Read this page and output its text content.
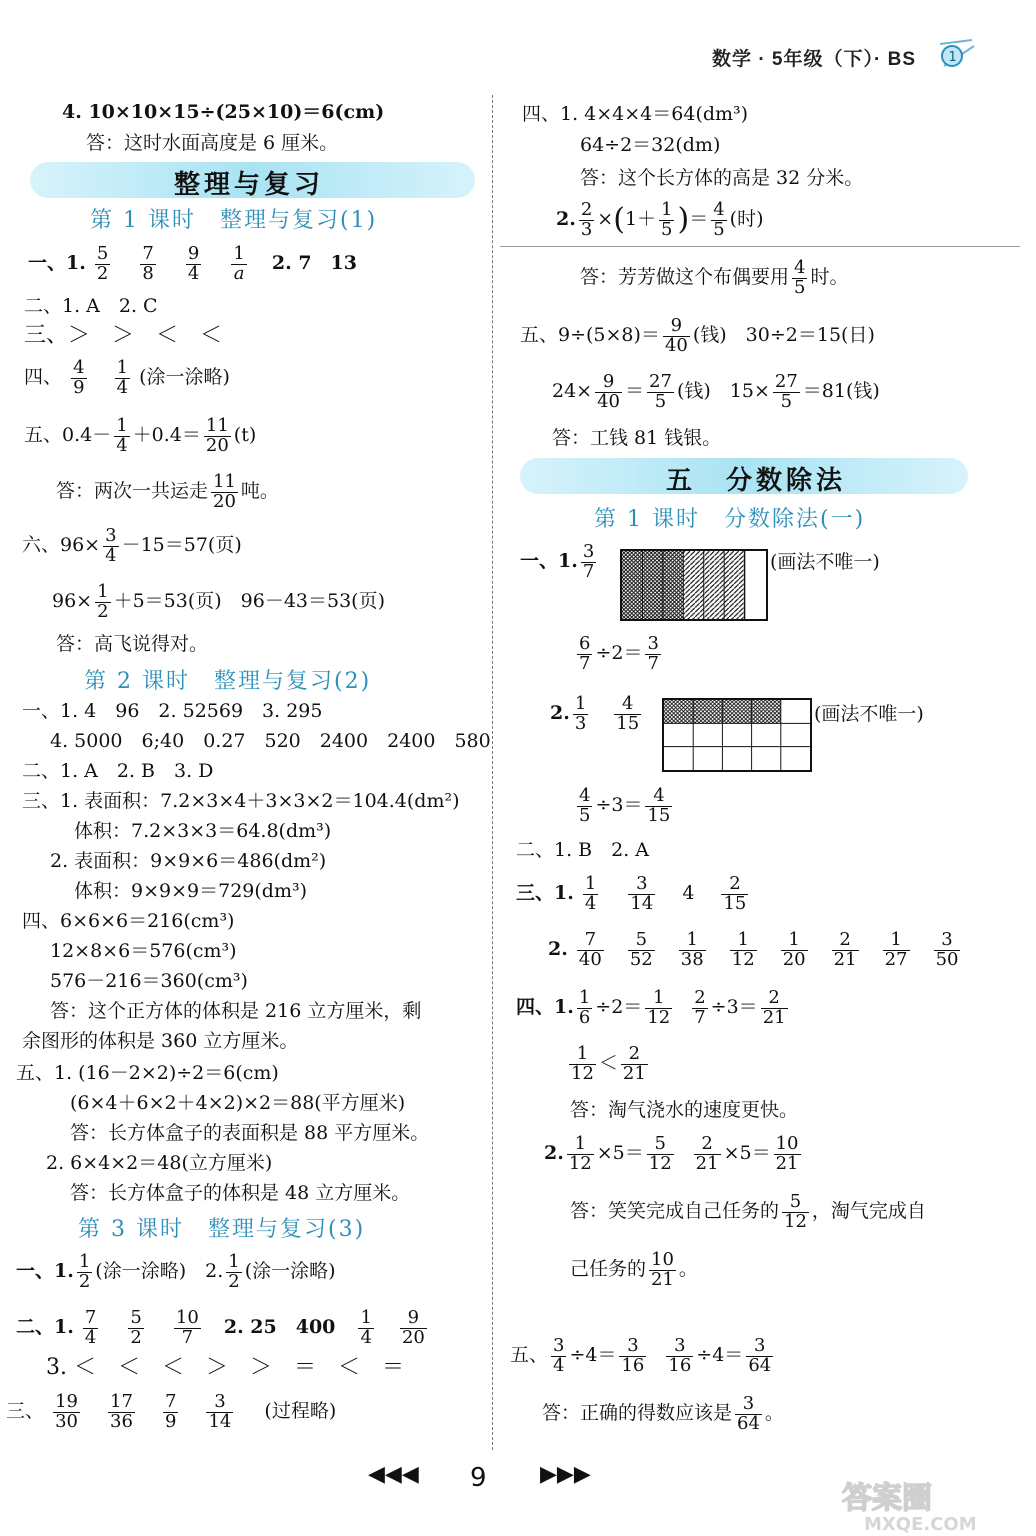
数学 · 5年级（下）· BS	1
4. 10×10×15÷(25×10)＝6(cm)
答：这时水面高度是 6 厘米。
整理与复习
第 1 课时　整理与复习(1)
一、1. $\frac{5}{2}$
$\frac{7}{8}$
$\frac{9}{4}$
$\frac{1}{a} 2$. 7　13
二、1. A　2. C
三、＞　＞　＜　＜
四、 $\frac{4}{9}$
$\frac{1}{4}$ (涂一涂略)
五、$0.4- \frac{1}{4} +0.4= \frac{11}{20} (t)$
答：两次一共运走 $\frac{11}{20}$ 吨。
六、$96\times \frac{3}{4} -15=57$(页)
$96\times \frac{1}{2} +5=53$(页)　96－43＝53(页)
答：高飞说得对。
第 2 课时　整理与复习(2)
一、1. 4　96　2. 52569　3. 295
4. 5000　6;40　0.27　520　2400　2400　580
二、1. A　2. B　3. D
三、1. 表面积：7.2×3×4＋3×3×2＝104.4(dm²)
体积：7.2×3×3＝64.8(dm³)
2. 表面积：9×9×6＝486(dm²)
体积：9×9×9＝729(dm³)
四、6×6×6＝216(cm³)
12×8×6＝576(cm³)
576－216＝360(cm³)
答：这个正方体的体积是 216 立方厘米，剩
余图形的体积是 360 立方厘米。
五、1. (16－2×2)÷2＝6(cm)
(6×4＋6×2＋4×2)×2＝88(平方厘米)
答：长方体盒子的表面积是 88 平方厘米。
2. 6×4×2＝48(立方厘米)
答：长方体盒子的体积是 48 立方厘米。
第 3 课时　整理与复习(3)
一、1. $\frac{1}{2}$ (涂一涂略)　2. $\frac{1}{2}$ (涂一涂略)
二、1. $\frac{7}{4}$
$\frac{5}{2}$
$\frac{10}{7} 2$. 25　$400 \frac{1}{4}$
$\frac{9}{20}$
3. ＜　＜　＜　＞　＞　＝　＜　＝
三、 $\frac{19}{30}$
$\frac{17}{36}$
$\frac{7}{9}$
$\frac{3}{14}$ (过程略)
四、1. 4×4×4＝64(dm³)
64÷2＝32(dm)
答：这个长方体的高是 32 分米。
2. $\frac{2}{3} \times(1+ \frac{1}{5}$ )＝ $\frac{4}{5}$ (时)
答：芳芳做这个布偶要用 $\frac{4}{5}$ 时。
五、$9\div(5\times 8)= \frac{9}{40}$ (钱)　30÷2＝15(日)
$24\times \frac{9}{40} = \frac{27}{5}$ (钱)　$15\times \frac{27}{5} =81$(钱)
答：工钱 81 钱银。
五　分数除法
第 1 课时　分数除法(一)
一、1. $\frac{3}{7}$	(画法不唯一)
$\frac{6}{7} \div 2= \frac{3}{7}$
2. $\frac{1}{3} \frac{4}{15}$	(画法不唯一)
$\frac{4}{5} \div 3= \frac{4}{15}$
二、1. B　2. A
三、1. $\frac{1}{4}$
$\frac{3}{14} 4 \frac{2}{15}$
2. $\frac{7}{40}$
$\frac{5}{52}$
$\frac{1}{38}$
$\frac{1}{12}$
$\frac{1}{20}$
$\frac{2}{21}$
$\frac{1}{27}$
$\frac{3}{50}$
四、1. $\frac{1}{6} \div 2= \frac{1}{12} \frac{2}{7} \div 3= \frac{2}{21}$
$\frac{1}{12} < \frac{2}{21}$
答：淘气浇水的速度更快。
2. $\frac{1}{12} \times 5= \frac{5}{12} \frac{2}{21} \times 5= \frac{10}{21}$
答：笑笑完成自己任务的 $\frac{5}{12}$ ，淘气完成自
己任务的 $\frac{10}{21}$ 。
五、 $\frac{3}{4} \div 4= \frac{3}{16} \frac{3}{16} \div 4= \frac{3}{64}$
答：正确的得数应该是 $\frac{3}{64}$ 。
◀◀◀ 9 ▶▶▶
答案圈
MXQE.COM
